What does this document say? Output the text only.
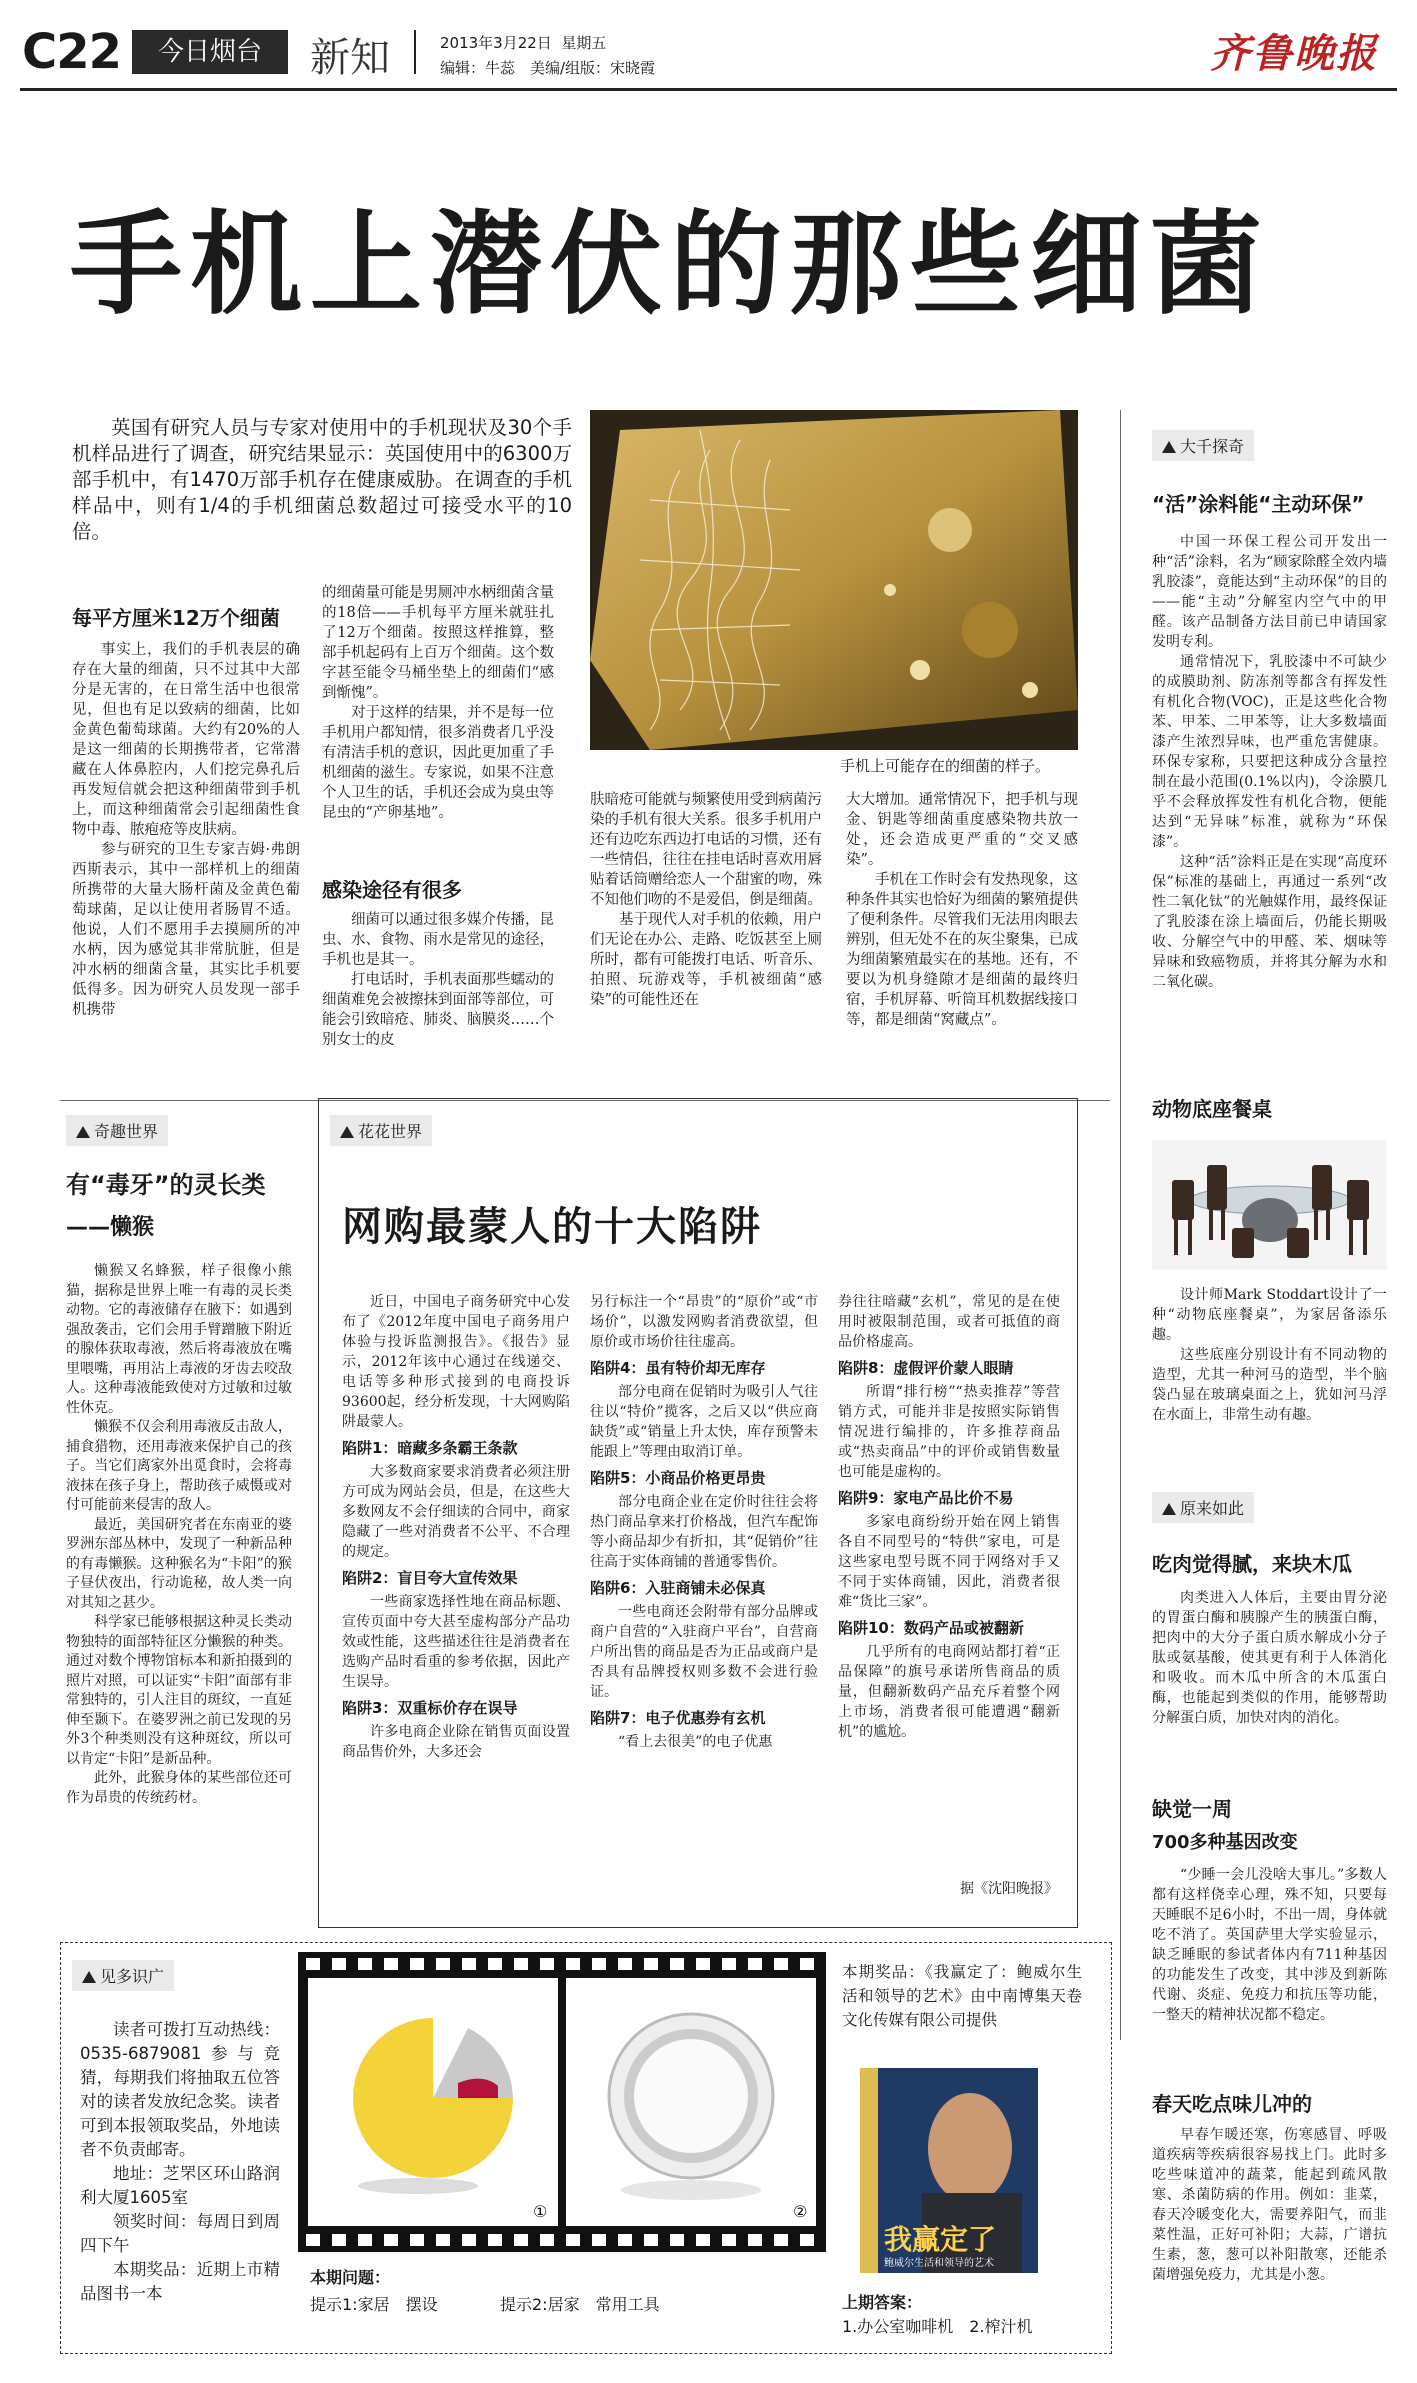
C22	今日烟台	新知	2013年3月22日 星期五
编辑：牛蕊　美编/组版：宋晓霞	齐鲁晚报
手机上潜伏的那些细菌

英国有研究人员与专家对使用中的手机现状及30个手机样品进行了调查，研究结果显示：英国使用中的6300万部手机中，有1470万部手机存在健康威胁。在调查的手机样品中，则有1/4的手机细菌总数超过可接受水平的10倍。

手机上可能存在的细菌的样子。
每平方厘米12万个细菌

事实上，我们的手机表层的确存在大量的细菌，只不过其中大部分是无害的，在日常生活中也很常见，但也有足以致病的细菌，比如金黄色葡萄球菌。大约有20%的人是这一细菌的长期携带者，它常潜藏在人体鼻腔内，人们挖完鼻孔后再发短信就会把这种细菌带到手机上，而这种细菌常会引起细菌性食物中毒、脓疱疮等皮肤病。

参与研究的卫生专家吉姆·弗朗西斯表示，其中一部样机上的细菌所携带的大量大肠杆菌及金黄色葡萄球菌，足以让使用者肠胃不适。他说，人们不愿用手去摸厕所的冲水柄，因为感觉其非常肮脏，但是冲水柄的细菌含量，其实比手机要低得多。因为研究人员发现一部手机携带

的细菌量可能是男厕冲水柄细菌含量的18倍——手机每平方厘米就驻扎了12万个细菌。按照这样推算，整部手机起码有上百万个细菌。这个数字甚至能令马桶坐垫上的细菌们“感到惭愧”。

对于这样的结果，并不是每一位手机用户都知情，很多消费者几乎没有清洁手机的意识，因此更加重了手机细菌的滋生。专家说，如果不注意个人卫生的话，手机还会成为臭虫等昆虫的“产卵基地”。

感染途径有很多

细菌可以通过很多媒介传播，昆虫、水、食物、雨水是常见的途径，手机也是其一。

打电话时，手机表面那些蠕动的细菌难免会被擦抹到面部等部位，可能会引致暗疮、肺炎、脑膜炎……个别女士的皮

肤暗疮可能就与频繁使用受到病菌污染的手机有很大关系。很多手机用户还有边吃东西边打电话的习惯，还有一些情侣，往往在挂电话时喜欢用唇贴着话筒赠给恋人一个甜蜜的吻，殊不知他们吻的不是爱侣，倒是细菌。

基于现代人对手机的依赖，用户们无论在办公、走路、吃饭甚至上厕所时，都有可能拨打电话、听音乐、拍照、玩游戏等，手机被细菌“感染”的可能性还在

大大增加。通常情况下，把手机与现金、钥匙等细菌重度感染物共放一处，还会造成更严重的“交叉感染”。

手机在工作时会有发热现象，这种条件其实也恰好为细菌的繁殖提供了便利条件。尽管我们无法用肉眼去辨别，但无处不在的灰尘聚集，已成为细菌繁殖最实在的基地。还有，不要以为机身缝隙才是细菌的最终归宿，手机屏幕、听筒耳机数据线接口等，都是细菌“窝藏点”。

大千探奇
“活”涂料能“主动环保”

中国一环保工程公司开发出一种“活”涂料，名为“顾家除醛全效内墙乳胶漆”，竟能达到“主动环保”的目的——能“主动”分解室内空气中的甲醛。该产品制备方法目前已申请国家发明专利。

通常情况下，乳胶漆中不可缺少的成膜助剂、防冻剂等都含有挥发性有机化合物(VOC)，正是这些化合物苯、甲苯、二甲苯等，让大多数墙面漆产生浓烈异味，也严重危害健康。环保专家称，只要把这种成分含量控制在最小范围(0.1%以内)，令涂膜几乎不会释放挥发性有机化合物，便能达到“无异味”标准，就称为“环保漆”。

这种“活”涂料正是在实现“高度环保”标准的基础上，再通过一系列“改性二氧化钛”的光触媒作用，最终保证了乳胶漆在涂上墙面后，仍能长期吸收、分解空气中的甲醛、苯、烟味等异味和致癌物质，并将其分解为水和二氧化碳。

动物底座餐桌

设计师Mark Stoddart设计了一种“动物底座餐桌”，为家居备添乐趣。

这些底座分别设计有不同动物的造型，尤其一种河马的造型，半个脑袋凸显在玻璃桌面之上，犹如河马浮在水面上，非常生动有趣。

原来如此
吃肉觉得腻，来块木瓜

肉类进入人体后，主要由胃分泌的胃蛋白酶和胰腺产生的胰蛋白酶，把肉中的大分子蛋白质水解成小分子肽或氨基酸，使其更有利于人体消化和吸收。而木瓜中所含的木瓜蛋白酶，也能起到类似的作用，能够帮助分解蛋白质，加快对肉的消化。

缺觉一周
700多种基因改变

“少睡一会儿没啥大事儿。”多数人都有这样侥幸心理，殊不知，只要每天睡眠不足6小时，不出一周，身体就吃不消了。英国萨里大学实验显示，缺乏睡眠的参试者体内有711种基因的功能发生了改变，其中涉及到新陈代谢、炎症、免疫力和抗压等功能，一整天的精神状况都不稳定。

春天吃点味儿冲的

早春乍暖还寒，伤寒感冒、呼吸道疾病等疾病很容易找上门。此时多吃些味道冲的蔬菜，能起到疏风散寒、杀菌防病的作用。例如：韭菜，春天冷暖变化大，需要养阳气，而韭菜性温，正好可补阳；大蒜，广谱抗生素，葱，葱可以补阳散寒，还能杀菌增强免疫力，尤其是小葱。

奇趣世界
有“毒牙”的灵长类
——懒猴

懒猴又名蜂猴，样子很像小熊猫，据称是世界上唯一有毒的灵长类动物。它的毒液储存在腋下：如遇到强敌袭击，它们会用手臂蹭腋下附近的腺体获取毒液，然后将毒液放在嘴里喂嘴，再用沾上毒液的牙齿去咬敌人。这种毒液能致使对方过敏和过敏性休克。

懒猴不仅会利用毒液反击敌人，捕食猎物，还用毒液来保护自己的孩子。当它们离家外出觅食时，会将毒液抹在孩子身上，帮助孩子威慑或对付可能前来侵害的敌人。

最近，美国研究者在东南亚的婆罗洲东部丛林中，发现了一种新品种的有毒懒猴。这种猴名为“卡阳”的猴子昼伏夜出，行动诡秘，故人类一向对其知之甚少。

科学家已能够根据这种灵长类动物独特的面部特征区分懒猴的种类。通过对数个博物馆标本和新拍摄到的照片对照，可以证实“卡阳”面部有非常独特的，引人注目的斑纹，一直延伸至颞下。在婆罗洲之前已发现的另外3个种类则没有这种斑纹，所以可以肯定“卡阳”是新品种。

此外，此猴身体的某些部位还可作为昂贵的传统药材。

花花世界
网购最蒙人的十大陷阱

近日，中国电子商务研究中心发布了《2012年度中国电子商务用户体验与投诉监测报告》。《报告》显示，2012年该中心通过在线递交、电话等多种形式接到的电商投诉93600起，经分析发现，十大网购陷阱最蒙人。

陷阱1：暗藏多条霸王条款

大多数商家要求消费者必须注册方可成为网站会员，但是，在这些大多数网友不会仔细读的合同中，商家隐藏了一些对消费者不公平、不合理的规定。

陷阱2：盲目夸大宣传效果

一些商家选择性地在商品标题、宣传页面中夸大甚至虚构部分产品功效或性能，这些描述往往是消费者在选购产品时看重的参考依据，因此产生误导。

陷阱3：双重标价存在误导

许多电商企业除在销售页面设置商品售价外，大多还会

另行标注一个“昂贵”的“原价”或“市场价”，以激发网购者消费欲望，但原价或市场价往往虚高。

陷阱4：虽有特价却无库存

部分电商在促销时为吸引人气往往以“特价”揽客，之后又以“供应商缺货”或“销量上升太快，库存预警未能跟上”等理由取消订单。

陷阱5：小商品价格更昂贵

部分电商企业在定价时往往会将热门商品拿来打价格战，但汽车配饰等小商品却少有折扣，其“促销价”往往高于实体商铺的普通零售价。

陷阱6：入驻商铺未必保真

一些电商还会附带有部分品牌或商户自营的“入驻商户平台”，自营商户所出售的商品是否为正品或商户是否具有品牌授权则多数不会进行验证。

陷阱7：电子优惠券有玄机

“看上去很美”的电子优惠

券往往暗藏“玄机”，常见的是在使用时被限制范围，或者可抵值的商品价格虚高。

陷阱8：虚假评价蒙人眼睛

所谓“排行榜”“热卖推荐”等营销方式，可能并非是按照实际销售情况进行编排的，许多推荐商品或“热卖商品”中的评价或销售数量也可能是虚构的。

陷阱9：家电产品比价不易

多家电商纷纷开始在网上销售各自不同型号的“特供”家电，可是这些家电型号既不同于网络对手又不同于实体商铺，因此，消费者很难“货比三家”。

陷阱10：数码产品或被翻新

几乎所有的电商网站都打着“正品保障”的旗号承诺所售商品的质量，但翻新数码产品充斥着整个网上市场，消费者很可能遭遇“翻新机”的尴尬。

据《沈阳晚报》
见多识广

读者可拨打互动热线：0535-6879081参与竞猜，每期我们将抽取五位答对的读者发放纪念奖。读者可到本报领取奖品，外地读者不负责邮寄。

地址：芝罘区环山路润利大厦1605室

领奖时间：每周日到周四下午

本期奖品：近期上市精品图书一本

①	②
本期问题：
提示1:家居　摆设	提示2:居家　常用工具

本期奖品：《我赢定了：鲍威尔生活和领导的艺术》由中南博集天卷文化传媒有限公司提供

我赢定了
鲍威尔生活和领导的艺术
上期答案：
1.办公室咖啡机　2.榨汁机
